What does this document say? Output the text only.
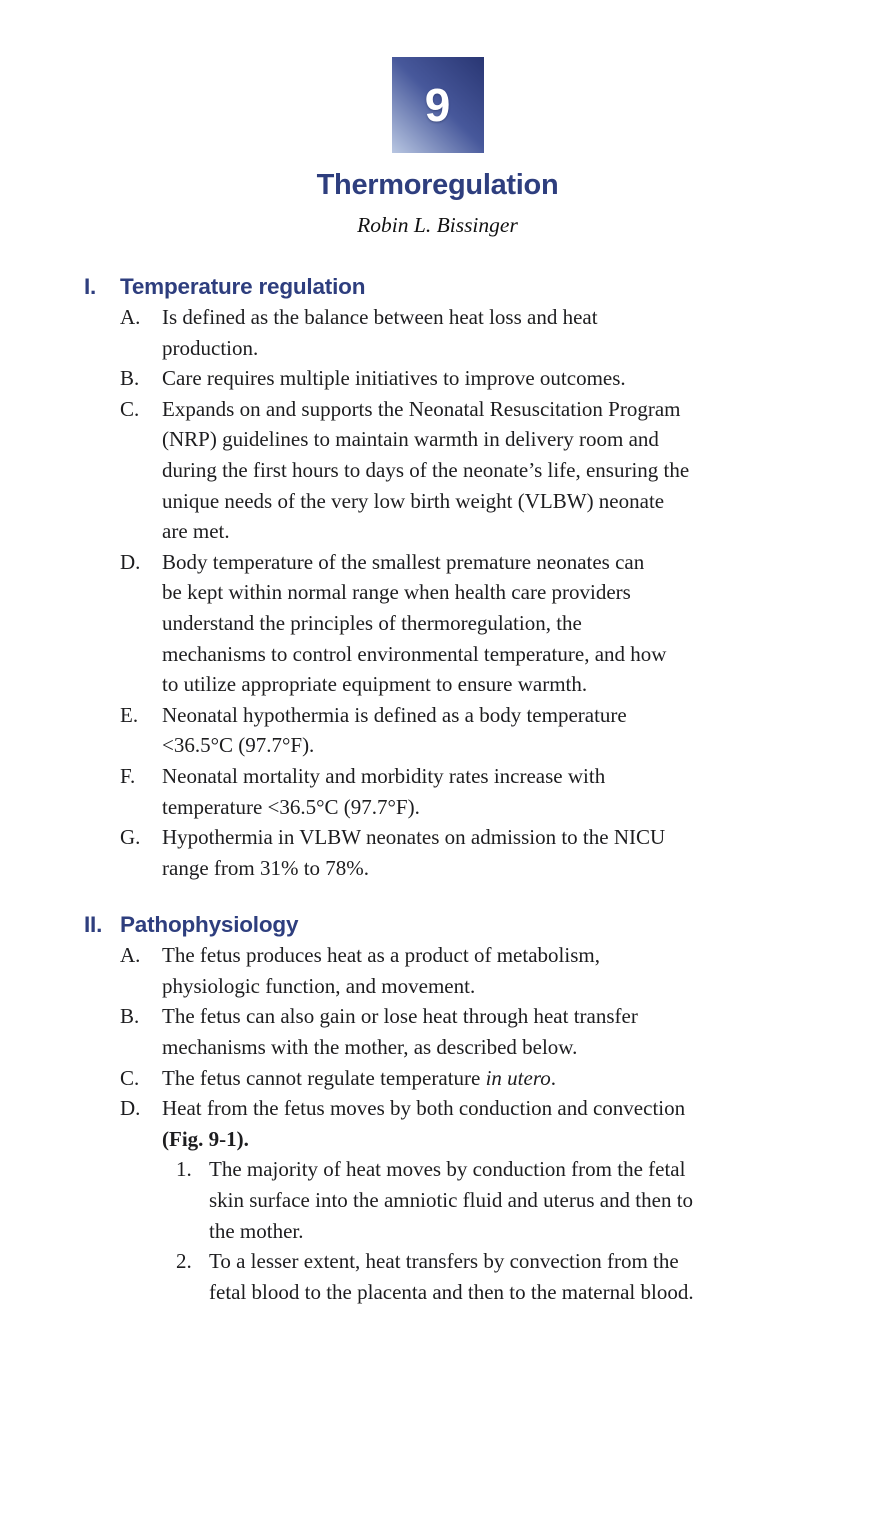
9
Thermoregulation
Robin L. Bissinger
I.	Temperature regulation
A.	Is defined as the balance between heat loss and heat
production.
B.	Care requires multiple initiatives to improve outcomes.
C.	Expands on and supports the Neonatal Resuscitation Program
(NRP) guidelines to maintain warmth in delivery room and
during the first hours to days of the neonate’s life, ensuring the
unique needs of the very low birth weight (VLBW) neonate
are met.
D.	Body temperature of the smallest premature neonates can
be kept within normal range when health care providers
understand the principles of thermoregulation, the
mechanisms to control environmental temperature, and how
to utilize appropriate equipment to ensure warmth.
E.	Neonatal hypothermia is defined as a body temperature
<36.5°C (97.7°F).
F.	Neonatal mortality and morbidity rates increase with
temperature <36.5°C (97.7°F).
G.	Hypothermia in VLBW neonates on admission to the NICU
range from 31% to 78%.
II. Pathophysiology
A.	The fetus produces heat as a product of metabolism,
physiologic function, and movement.
B.	The fetus can also gain or lose heat through heat transfer
mechanisms with the mother, as described below.
C.	The fetus cannot regulate temperature in utero.
D.	Heat from the fetus moves by both conduction and convection
(Fig. 9-1).
1. The majority of heat moves by conduction from the fetal
skin surface into the amniotic fluid and uterus and then to
the mother.
2. To a lesser extent, heat transfers by convection from the
fetal blood to the placenta and then to the maternal blood.
